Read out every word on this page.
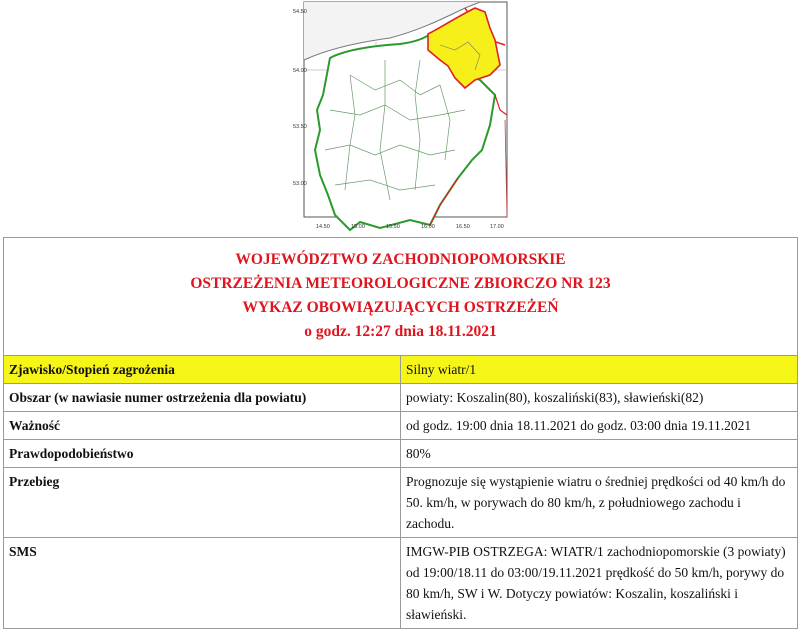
54.50
54.00
53.50
53.00
14.50	15.00	15.50	16.00	16.50	17.00
WOJEWÓDZTWO ZACHODNIOPOMORSKIE
OSTRZEŻENIA METEOROLOGICZNE ZBIORCZO NR 123
WYKAZ OBOWIĄZUJĄCYCH OSTRZEŻEŃ
o godz. 12:27 dnia 18.11.2021	

Zjawisko/Stopień zagrożenia	Silny wiatr/1
Obszar (w nawiasie numer ostrzeżenia dla powiatu)	powiaty: Koszalin(80), koszaliński(83), sławieński(82)
Ważność	od godz. 19:00 dnia 18.11.2021 do godz. 03:00 dnia 19.11.2021
Prawdopodobieństwo	80%
Przebieg	Prognozuje się wystąpienie wiatru o średniej prędkości od 40 km/h do 50. km/h, w porywach do 80 km/h, z południowego zachodu i zachodu.
SMS	IMGW-PIB OSTRZEGA: WIATR/1 zachodniopomorskie (3 powiaty) od 19:00/18.11 do 03:00/19.11.2021 prędkość do 50 km/h, porywy do 80 km/h, SW i W. Dotyczy powiatów: Koszalin, koszaliński i sławieński.
